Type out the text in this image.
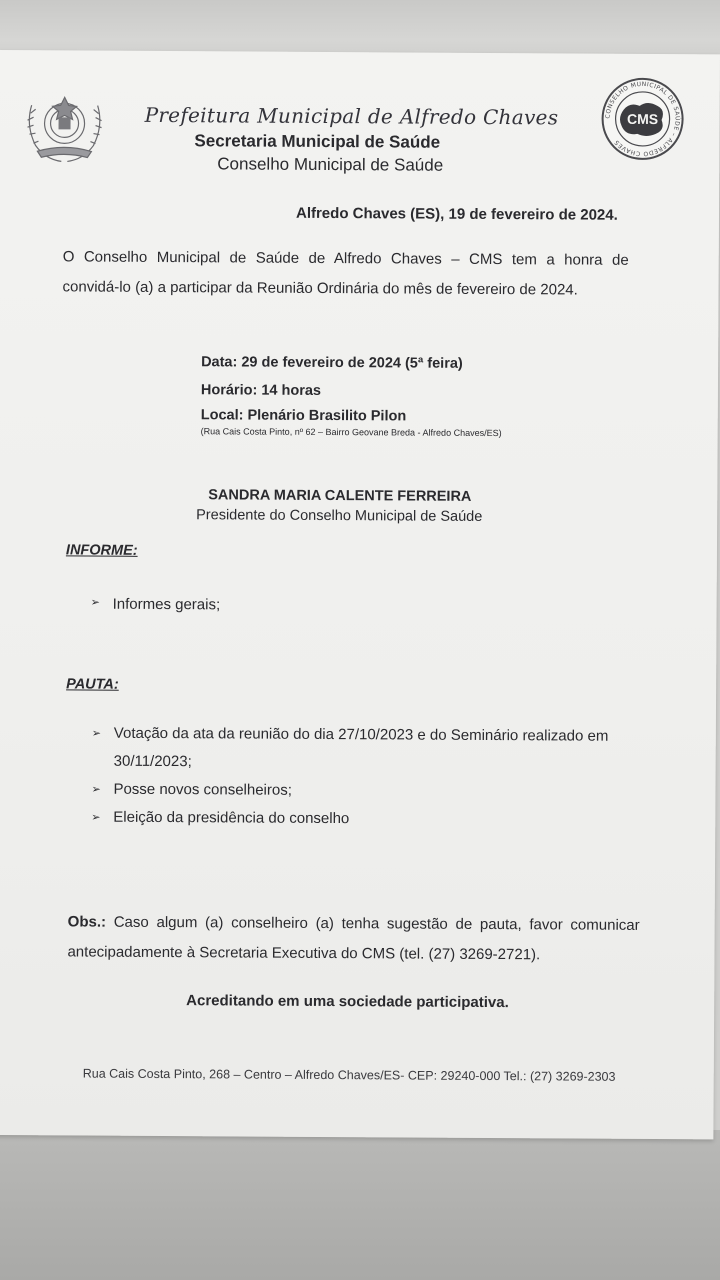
Prefeitura Municipal de Alfredo Chaves
Secretaria Municipal de Saúde
Conselho Municipal de Saúde
CONSELHO MUNICIPAL DE SAÚDE – ALFREDO CHAVES
CMS
Alfredo Chaves (ES), 19 de fevereiro de 2024.
O Conselho Municipal de Saúde de Alfredo Chaves – CMS tem a honra de
convidá-lo (a) a participar da Reunião Ordinária do mês de fevereiro de 2024.
Data: 29 de fevereiro de 2024 (5ª feira)
Horário: 14 horas
Local: Plenário Brasilito Pilon
(Rua Cais Costa Pinto, nº 62 – Bairro Geovane Breda - Alfredo Chaves/ES)
SANDRA MARIA CALENTE FERREIRA
Presidente do Conselho Municipal de Saúde
INFORME:
➢ Informes gerais;
PAUTA:
➢ Votação da ata da reunião do dia 27/10/2023 e do Seminário realizado em 30/11/2023;
➢ Posse novos conselheiros;
➢ Eleição da presidência do conselho
Obs.: Caso algum (a) conselheiro (a) tenha sugestão de pauta, favor comunicar
antecipadamente à Secretaria Executiva do CMS (tel. (27) 3269-2721).
Acreditando em uma sociedade participativa.
Rua Cais Costa Pinto, 268 – Centro – Alfredo Chaves/ES- CEP: 29240-000 Tel.: (27) 3269-2303
